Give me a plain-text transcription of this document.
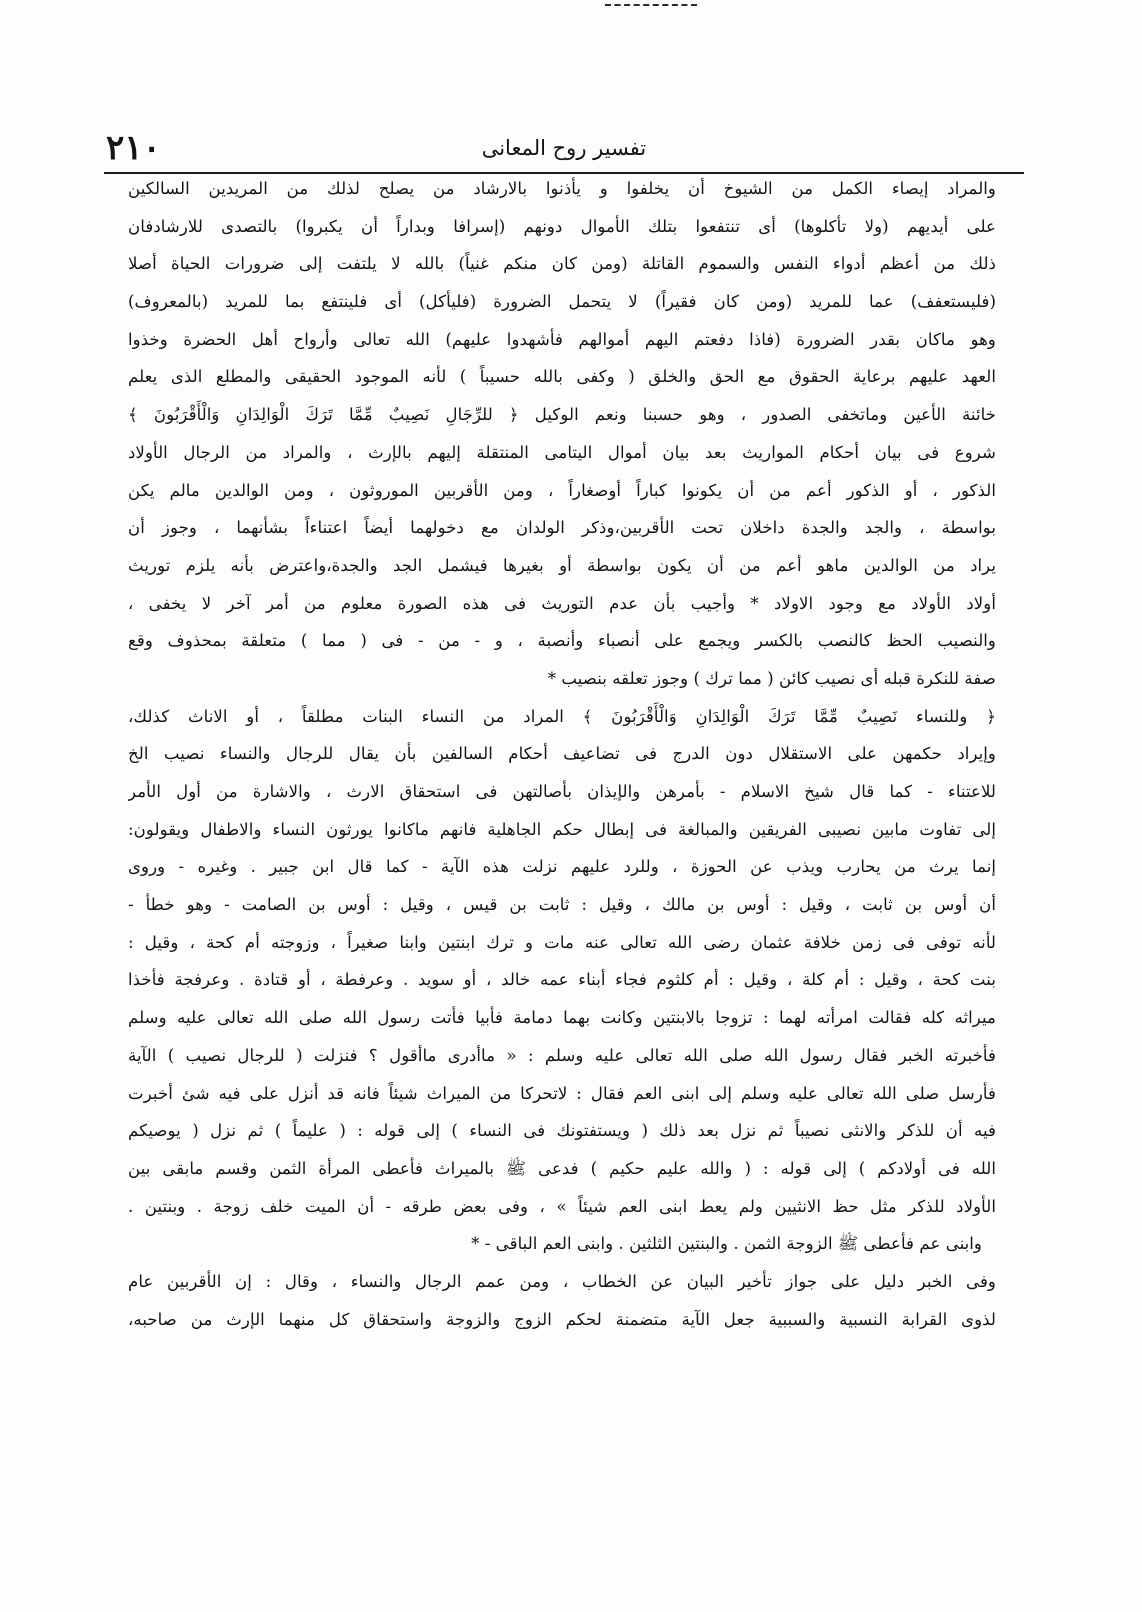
٢١٠	تفسير روح المعانى
والمراد إيصاء الكمل من الشيوخ أن يخلفوا و يأذنوا بالارشاد من يصلح لذلك من المريدين السالكين
على أيديهم (ولا تأكلوها) أى تنتفعوا بتلك الأموال دونهم (إسرافا وبداراً أن يكبروا) بالتصدى للارشادفان
ذلك من أعظم أدواء النفس والسموم القاتلة (ومن كان منكم غنياً) بالله لا يلتفت إلى ضرورات الحياة أصلا
(فليستعفف) عما للمريد (ومن كان فقيراً) لا يتحمل الضرورة (فليأكل) أى فلينتفع بما للمريد (بالمعروف)
وهو ماكان بقدر الضرورة (فاذا دفعتم اليهم أموالهم فأشهدوا عليهم) الله تعالى وأرواح أهل الحضرة وخذوا
العهد عليهم برعاية الحقوق مع الحق والخلق ( وكفى بالله حسيباً ) لأنه الموجود الحقيقى والمطلع الذى يعلم
خائنة الأعين وماتخفى الصدور ، وهو حسبنا ونعم الوكيل ﴿ للرِّجَالِ نَصِيبٌ مِّمَّا تَرَكَ الْوَالِدَانِ وَالْأَقْرَبُونَ ﴾
شروع فى بيان أحكام المواريث بعد بيان أموال اليتامى المنتقلة إليهم بالإرث ، والمراد من الرجال الأولاد
الذكور ، أو الذكور أعم من أن يكونوا كباراً أوصغاراً ، ومن الأقربين الموروثون ، ومن الوالدين مالم يكن
بواسطة ، والجد والجدة داخلان تحت الأقربين،وذكر الولدان مع دخولهما أيضاً اعتناءاً بشأنهما ، وجوز أن
يراد من الوالدين ماهو أعم من أن يكون بواسطة أو بغيرها فيشمل الجد والجدة،واعترض بأنه يلزم توريث
أولاد الأولاد مع وجود الاولاد * وأجيب بأن عدم التوريث فى هذه الصورة معلوم من أمر آخر لا يخفى ،
والنصيب الحظ كالنصب بالكسر ويجمع على أنصباء وأنصبة ، و - من - فى ( مما ) متعلقة بمحذوف وقع
صفة للنكرة قبله أى نصيب كائن ( مما ترك ) وجوز تعلقه بنصيب *
﴿ وللنساء نَصِيبٌ مِّمَّا تَرَكَ الْوَالِدَانِ وَالْأَقْرَبُونَ ﴾ المراد من النساء البنات مطلقاً ، أو الاناث كذلك،
وإيراد حكمهن على الاستقلال دون الدرج فى تضاعيف أحكام السالفين بأن يقال للرجال والنساء نصيب الخ
للاعتناء - كما قال شيخ الاسلام - بأمرهن والإيذان بأصالتهن فى استحقاق الارث ، والاشارة من أول الأمر
إلى تفاوت مابين نصيبى الفريقين والمبالغة فى إبطال حكم الجاهلية فانهم ماكانوا يورثون النساء والاطفال ويقولون:
إنما يرث من يحارب ويذب عن الحوزة ، وللرد عليهم نزلت هذه الآية - كما قال ابن جبير . وغيره - وروى
أن أوس بن ثابت ، وقيل : أوس بن مالك ، وقيل : ثابت بن قيس ، وقيل : أوس بن الصامت - وهو خطأ -
لأنه توفى فى زمن خلافة عثمان رضى الله تعالى عنه مات و ترك ابنتين وابنا صغيراً ، وزوجته أم كحة ، وقيل :
بنت كحة ، وقيل : أم كلة ، وقيل : أم كلثوم فجاء أبناء عمه خالد ، أو سويد . وعرفطة ، أو قتادة . وعرفجة فأخذا
ميراثه كله فقالت امرأته لهما : تزوجا بالابنتين وكانت بهما دمامة فأبيا فأتت رسول الله صلى الله تعالى عليه وسلم
فأخبرته الخبر فقال رسول الله صلى الله تعالى عليه وسلم : « ماأدرى ماأقول ؟ فنزلت ( للرجال نصيب ) الآية
فأرسل صلى الله تعالى عليه وسلم إلى ابنى العم فقال : لاتحركا من الميراث شيئاً فانه قد أنزل على فيه شئ أخبرت
فيه أن للذكر والانثى نصيباً ثم نزل بعد ذلك ( ويستفتونك فى النساء ) إلى قوله : ( عليماً ) ثم نزل ( يوصيكم
الله فى أولادكم ) إلى قوله : ( والله عليم حكيم ) فدعى ﷺ بالميراث فأعطى المرأة الثمن وقسم مابقى بين
الأولاد للذكر مثل حظ الانثيين ولم يعط ابنى العم شيئاً » ، وفى بعض طرقه - أن الميت خلف زوجة . وبنتين .
وابنى عم فأعطى ﷺ الزوجة الثمن . والبنتين الثلثين . وابنى العم الباقى - *
وفى الخبر دليل على جواز تأخير البيان عن الخطاب ، ومن عمم الرجال والنساء ، وقال : إن الأقربين عام
لذوى القرابة النسبية والسببية جعل الآية متضمنة لحكم الزوج والزوجة واستحقاق كل منهما الإرث من صاحبه،
